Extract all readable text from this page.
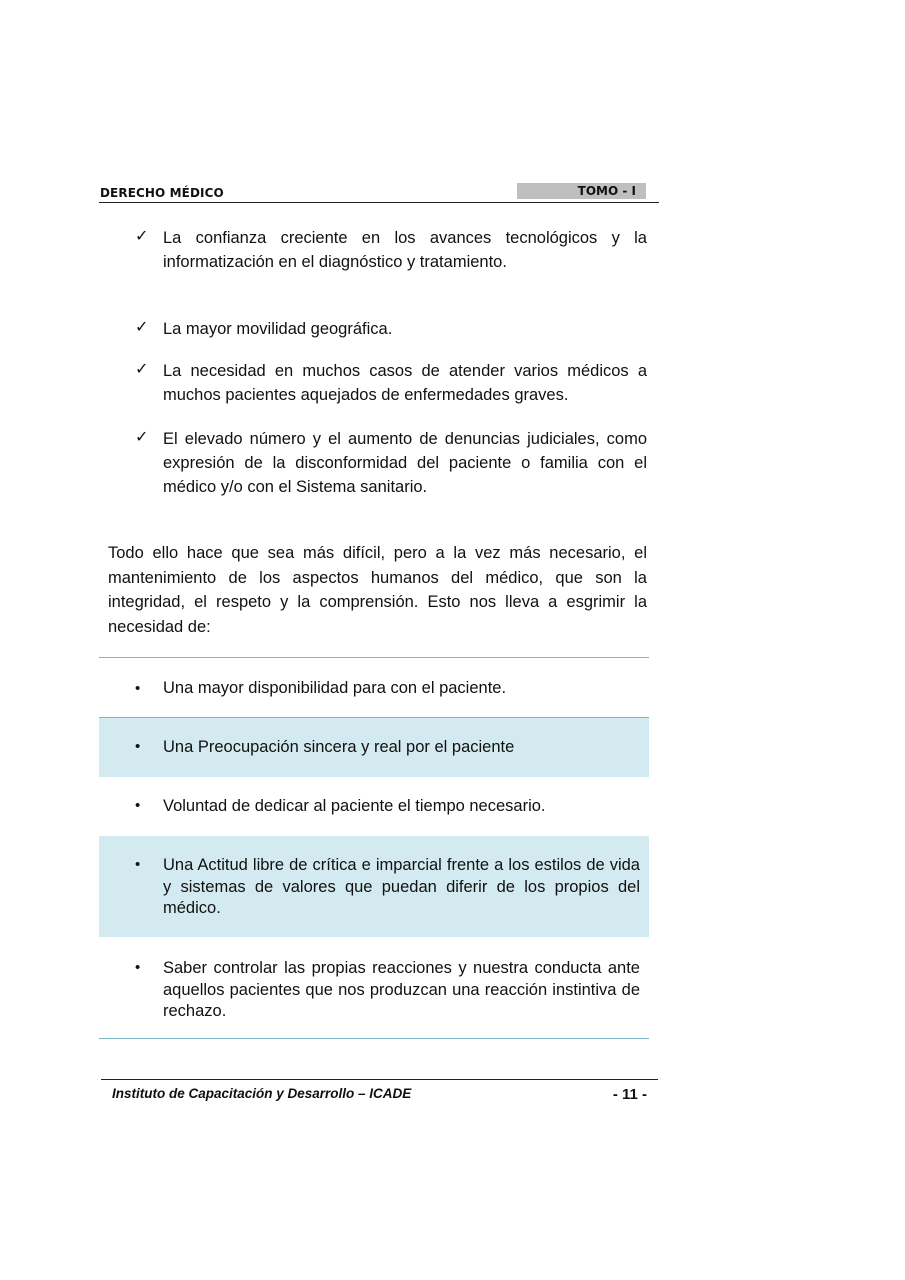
DERECHO MÉDICO	TOMO - I
✓ La confianza creciente en los avances tecnológicos y la informatización en el diagnóstico y tratamiento.
✓ La mayor movilidad geográfica.
✓ La necesidad en muchos casos de atender varios médicos a muchos pacientes aquejados de enfermedades graves.
✓ El elevado número y el aumento de denuncias judiciales, como expresión de la disconformidad del paciente o familia con el médico y/o con el Sistema sanitario.
Todo ello hace que sea más difícil, pero a la vez más necesario, el mantenimiento de los aspectos humanos del médico, que son la integridad, el respeto y la comprensión. Esto nos lleva a esgrimir la necesidad de:
• Una mayor disponibilidad para con el paciente.
• Una Preocupación sincera y real por el paciente
• Voluntad de dedicar al paciente el tiempo necesario.
• Una Actitud libre de crítica e imparcial frente a los estilos de vida y sistemas de valores que puedan diferir de los propios del médico.
• Saber controlar las propias reacciones y nuestra conducta ante aquellos pacientes que nos produzcan una reacción instintiva de rechazo.
Instituto de Capacitación y Desarrollo – ICADE	- 11 -
